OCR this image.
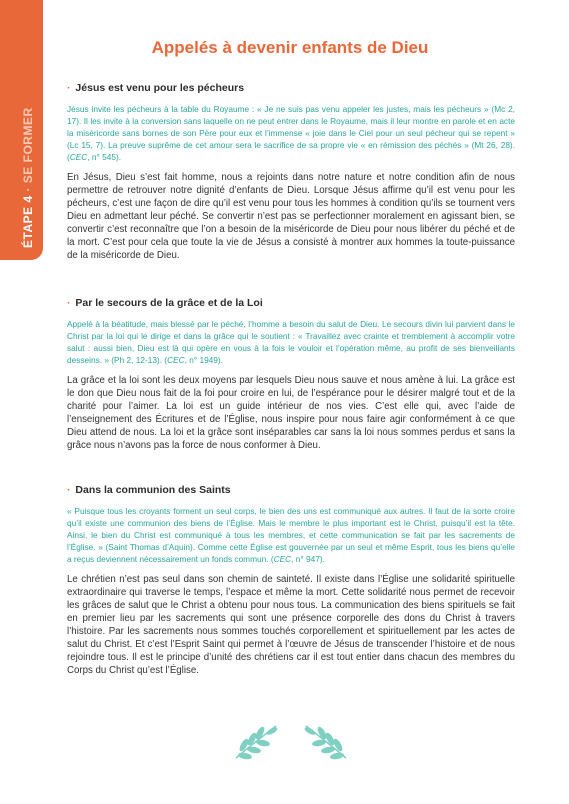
ÉTAPE 4 · SE FORMER
Appelés à devenir enfants de Dieu

· Jésus est venu pour les pécheurs

Jésus invite les pécheurs à la table du Royaume : « Je ne suis pas venu appeler les justes, mais les pécheurs » (Mc 2, 17). Il les invite à la conversion sans laquelle on ne peut entrer dans le Royaume, mais il leur montre en parole et en acte la miséricorde sans bornes de son Père pour eux et l’immense « joie dans le Ciel pour un seul pécheur qui se repent » (Lc 15, 7). La preuve suprême de cet amour sera le sacrifice de sa propre vie « en rémission des péchés » (Mt 26, 28). (CEC, n° 545).

En Jésus, Dieu s’est fait homme, nous a rejoints dans notre nature et notre condition afin de nous permettre de retrouver notre dignité d’enfants de Dieu. Lorsque Jésus affirme qu’il est venu pour les pécheurs, c’est une façon de dire qu’il est venu pour tous les hommes à condition qu’ils se tournent vers Dieu en admettant leur péché. Se convertir n’est pas se perfectionner moralement en agissant bien, se convertir c’est reconnaître que l’on a besoin de la miséricorde de Dieu pour nous libérer du péché et de la mort. C’est pour cela que toute la vie de Jésus a consisté à montrer aux hommes la toute-puissance de la miséricorde de Dieu.

· Par le secours de la grâce et de la Loi

Appelé à la béatitude, mais blessé par le péché, l’homme a besoin du salut de Dieu. Le secours divin lui parvient dans le Christ par la loi qui le dirige et dans la grâce qui le soutient : « Travaillez avec crainte et tremblement à accomplir votre salut : aussi bien, Dieu est là qui opère en vous à la fois le vouloir et l’opération même, au profit de ses bienveillants desseins. » (Ph 2, 12-13). (CEC, n° 1949).

La grâce et la loi sont les deux moyens par lesquels Dieu nous sauve et nous amène à lui. La grâce est le don que Dieu nous fait de la foi pour croire en lui, de l’espérance pour le désirer malgré tout et de la charité pour l’aimer. La loi est un guide intérieur de nos vies. C’est elle qui, avec l’aide de l’enseignement des Écritures et de l’Église, nous inspire pour nous faire agir conformément à ce que Dieu attend de nous. La loi et la grâce sont inséparables car sans la loi nous sommes perdus et sans la grâce nous n’avons pas la force de nous conformer à Dieu.

· Dans la communion des Saints

« Puisque tous les croyants forment un seul corps, le bien des uns est communiqué aux autres. Il faut de la sorte croire qu’il existe une communion des biens de l’Église. Mais le membre le plus important est le Christ, puisqu’il est la tête. Ainsi, le bien du Christ est communiqué à tous les membres, et cette communication se fait par les sacrements de l’Église. » (Saint Thomas d’Aquin). Comme cette Église est gouvernée par un seul et même Esprit, tous les biens qu’elle a reçus deviennent nécessairement un fonds commun. (CEC, n° 947).

Le chrétien n’est pas seul dans son chemin de sainteté. Il existe dans l’Église une solidarité spirituelle extraordinaire qui traverse le temps, l’espace et même la mort. Cette solidarité nous permet de recevoir les grâces de salut que le Christ a obtenu pour nous tous. La communication des biens spirituels se fait en premier lieu par les sacrements qui sont une présence corporelle des dons du Christ à travers l’histoire. Par les sacrements nous sommes touchés corporellement et spirituellement par les actes de salut du Christ. Et c’est l’Esprit Saint qui permet à l’œuvre de Jésus de transcender l’histoire et de nous rejoindre tous. Il est le principe d’unité des chrétiens car il est tout entier dans chacun des membres du Corps du Christ qu’est l’Église.
